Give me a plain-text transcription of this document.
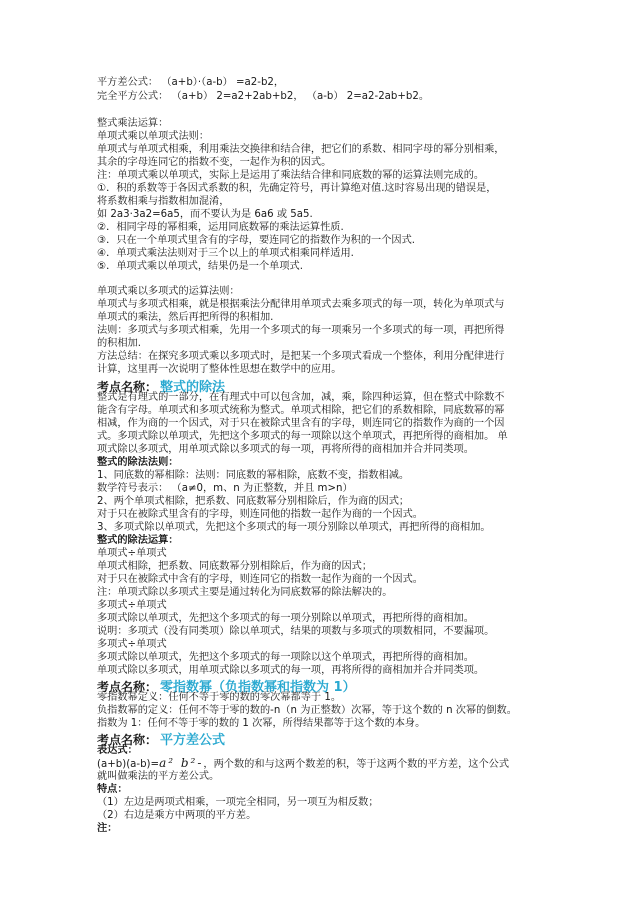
​
平方差公式： （a+b）·（a-b） =a2-b2，
完全平方公式： （a+b） 2=a2+2ab+b2， （a-b） 2=a2-2ab+b2。
整式乘法运算：
单项式乘以单项式法则：
单项式与单项式相乘，利用乘法交换律和结合律，把它们的系数、相同字母的幂分别相乘，
其余的字母连同它的指数不变，一起作为积的因式。
注：单项式乘以单项式，实际上是运用了乘法结合律和同底数的幂的运算法则完成的。
①．积的系数等于各因式系数的积，先确定符号，再计算绝对值.这时容易出现的错误是，
将系数相乘与指数相加混淆，
如 2a3·3a2=6a5，而不要认为是 6a6 或 5a5.
②．相同字母的幂相乘，运用同底数幂的乘法运算性质.
③．只在一个单项式里含有的字母，要连同它的指数作为积的一个因式.
④．单项式乘法法则对于三个以上的单项式相乘同样适用.
⑤．单项式乘以单项式，结果仍是一个单项式.
单项式乘以多项式的运算法则：
单项式与多项式相乘，就是根据乘法分配律用单项式去乘多项式的每一项，转化为单项式与
单项式的乘法，然后再把所得的积相加.
法则：多项式与多项式相乘，先用一个多项式的每一项乘另一个多项式的每一项，再把所得
的积相加.
方法总结：在探究多项式乘以多项式时，是把某一个多项式看成一个整体，利用分配律进行
计算，这里再一次说明了整体性思想在数学中的应用。
考点名称： 整式的除法
整式是有理式的一部分，在有理式中可以包含加，减，乘，除四种运算，但在整式中除数不
能含有字母。单项式和多项式统称为整式。单项式相除，把它们的系数相除，同底数幂的幂
相减，作为商的一个因式，对于只在被除式里含有的字母，则连同它的指数作为商的一个因
式。多项式除以单项式，先把这个多项式的每一项除以这个单项式，再把所得的商相加。 单
项式除以多项式，用单项式除以多项式的每一项，再将所得的商相加并合并同类项。
整式的除法法则：
1、同底数的幂相除：法则：同底数的幂相除，底数不变，指数相减。
数学符号表示： （a≠0，m、n 为正整数，并且 m>n）
2、两个单项式相除，把系数、同底数幂分别相除后，作为商的因式；
对于只在被除式里含有的字母，则连同他的指数一起作为商的一个因式。
3、多项式除以单项式，先把这个多项式的每一项分别除以单项式，再把所得的商相加。
整式的除法运算：
单项式÷单项式
单项式相除，把系数、同底数幂分别相除后，作为商的因式；
对于只在被除式中含有的字母，则连同它的指数一起作为商的一个因式。
注：单项式除以多项式主要是通过转化为同底数幂的除法解决的。
多项式÷单项式
多项式除以单项式，先把这个多项式的每一项分别除以单项式，再把所得的商相加。
说明：多项式（没有同类项）除以单项式，结果的项数与多项式的项数相同，不要漏项。
多项式÷单项式
多项式除以单项式，先把这个多项式的每一项除以这个单项式，再把所得的商相加。
单项式除以多项式，用单项式除以多项式的每一项，再将所得的商相加并合并同类项。
考点名称： 零指数幂（负指数幂和指数为 1）
零指数幂定义：任何不等于零的数的零次幂都等于 1。
负指数幂的定义：任何不等于零的数的-n（n 为正整数）次幂，等于这个数的 n 次幂的倒数。
指数为 1：任何不等于零的数的 1 次幂，所得结果都等于这个数的本身。
考点名称： 平方差公式
表达式：
(a+b)(a-b)=a² b²-，两个数的和与这两个数差的积，等于这两个数的平方差，这个公式
就叫做乘法的平方差公式。
特点：
（1）左边是两项式相乘，一项完全相同，另一项互为相反数；
（2）右边是乘方中两项的平方差。
注：
